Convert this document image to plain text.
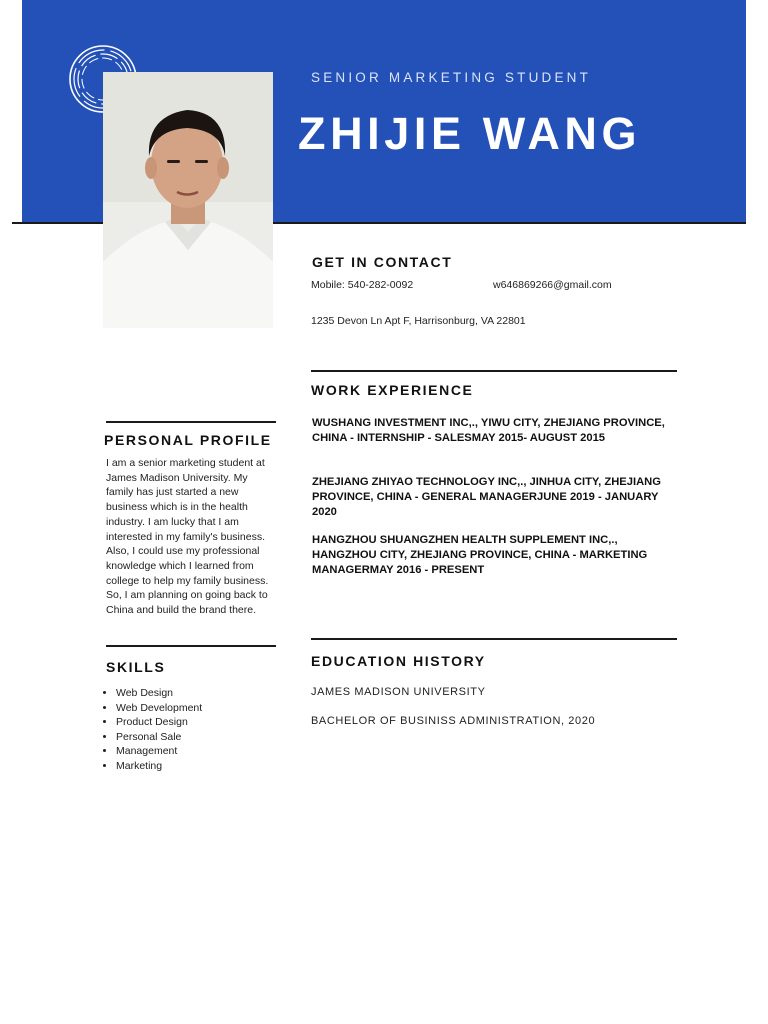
SENIOR MARKETING STUDENT
ZHIJIE WANG
GET IN CONTACT
Mobile: 540-282-0092	w646869266@gmail.com
1235 Devon Ln Apt F, Harrisonburg, VA 22801
WORK EXPERIENCE
WUSHANG INVESTMENT INC,., YIWU CITY, ZHEJIANG PROVINCE, CHINA - INTERNSHIP - SALESMAY 2015- AUGUST 2015
ZHEJIANG ZHIYAO TECHNOLOGY INC,., JINHUA CITY, ZHEJIANG PROVINCE, CHINA - GENERAL MANAGERJUNE 2019 - JANUARY 2020
HANGZHOU SHUANGZHEN HEALTH SUPPLEMENT INC,., HANGZHOU CITY, ZHEJIANG PROVINCE, CHINA - MARKETING MANAGERMAY 2016 - PRESENT
EDUCATION HISTORY
JAMES MADISON UNIVERSITY
BACHELOR OF BUSINISS ADMINISTRATION, 2020
PERSONAL PROFILE
I am a senior marketing student at James Madison University. My family has just started a new business which is in the health industry. I am lucky that I am interested in my family's business. Also, I could use my professional knowledge which I learned from college to help my family business. So, I am planning on going back to China and build the brand there.
SKILLS
• Web Design
• Web Development
• Product Design
• Personal Sale
• Management
• Marketing
